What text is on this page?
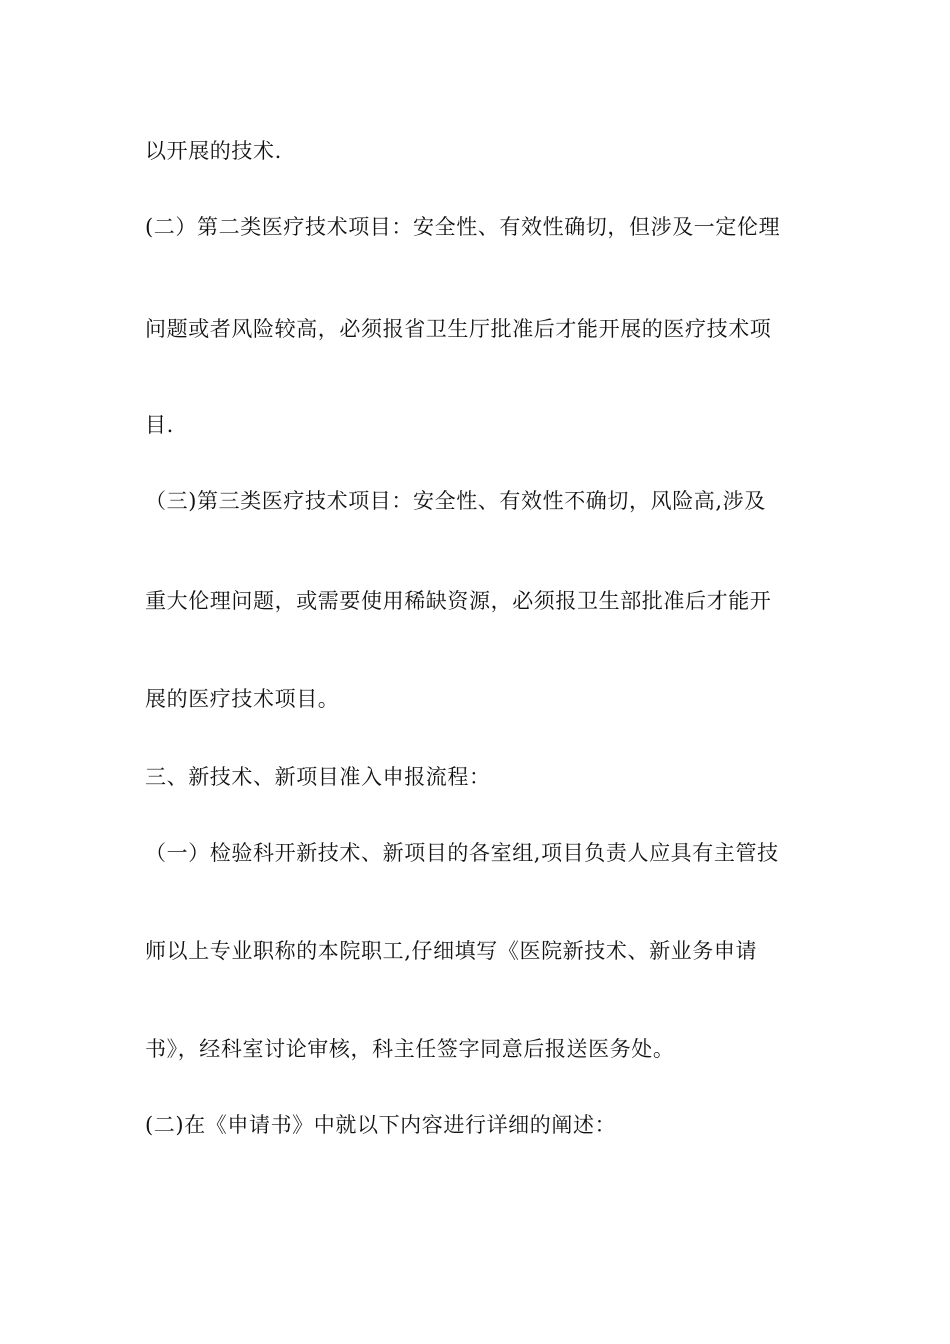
以开展的技术.
(二）第二类医疗技术项目：安全性、有效性确切，但涉及一定伦理
问题或者风险较高，必须报省卫生厅批准后才能开展的医疗技术项
目.
（三)第三类医疗技术项目：安全性、有效性不确切，风险高,涉及
重大伦理问题，或需要使用稀缺资源，必须报卫生部批准后才能开
展的医疗技术项目。
三、新技术、新项目准入申报流程：
（一）检验科开新技术、新项目的各室组,项目负责人应具有主管技
师以上专业职称的本院职工,仔细填写《医院新技术、新业务申请
书》，经科室讨论审核，科主任签字同意后报送医务处。
(二)在《申请书》中就以下内容进行详细的阐述：
